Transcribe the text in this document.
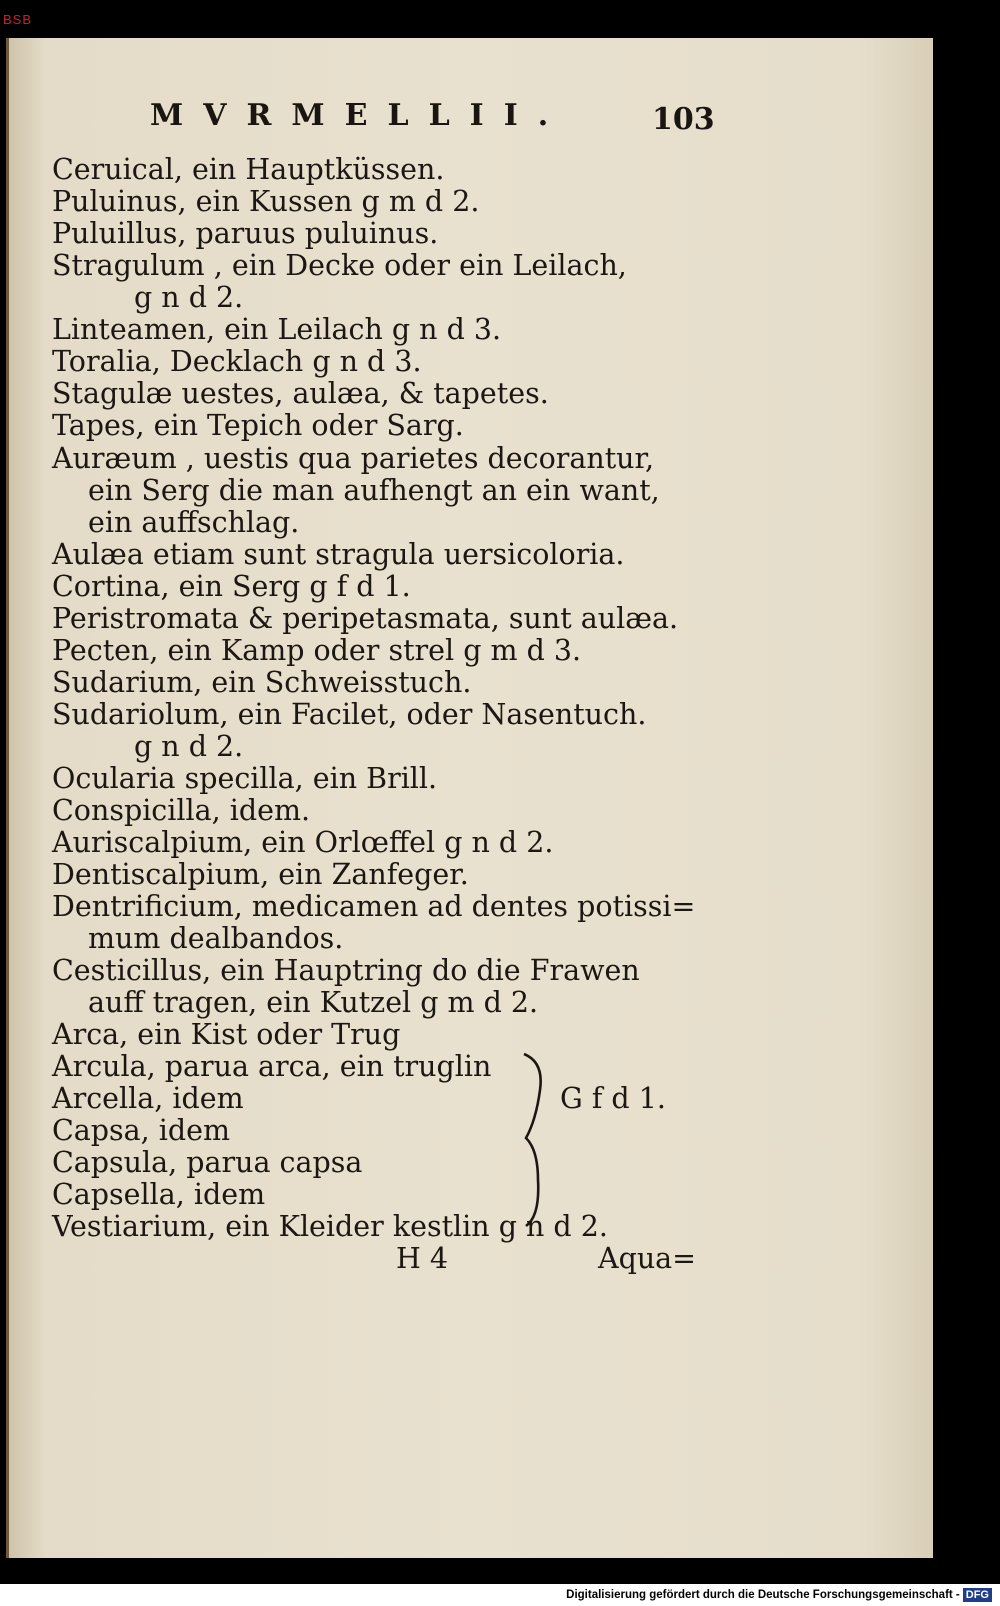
BSB
MVRMELLII.	103
Ceruical, ein Hauptküssen.
Puluinus, ein Kussen g m d 2.
Puluillus, paruus puluinus.
Stragulum , ein Decke oder ein Leilach,
g n d 2.
Linteamen, ein Leilach g n d 3.
Toralia, Decklach g n d 3.
Stagulæ uestes, aulæa, & tapetes.
Tapes, ein Tepich oder Sarg.
Auræum , uestis qua parietes decorantur,
ein Serg die man aufhengt an ein want,
ein auffschlag.
Aulæa etiam sunt stragula uersicoloria.
Cortina, ein Serg g f d 1.
Peristromata & peripetasmata, sunt aulæa.
Pecten, ein Kamp oder strel g m d 3.
Sudarium, ein Schweisstuch.
Sudariolum, ein Facilet, oder Nasentuch.
g n d 2.
Ocularia specilla, ein Brill.
Conspicilla, idem.
Auriscalpium, ein Orlœffel g n d 2.
Dentiscalpium, ein Zanfeger.
Dentrificium, medicamen ad dentes potissi=
mum dealbandos.
Cesticillus, ein Hauptring do die Frawen
auff tragen, ein Kutzel g m d 2.
Arca, ein Kist oder Trug
Arcula, parua arca, ein truglin
Arcella, idem
Capsa, idem
Capsula, parua capsa
Capsella, idem
Vestiarium, ein Kleider kestlin g n d 2.
G f d 1.
H 4	Aqua=
Digitalisierung gefördert durch die Deutsche Forschungsgemeinschaft - DFG
